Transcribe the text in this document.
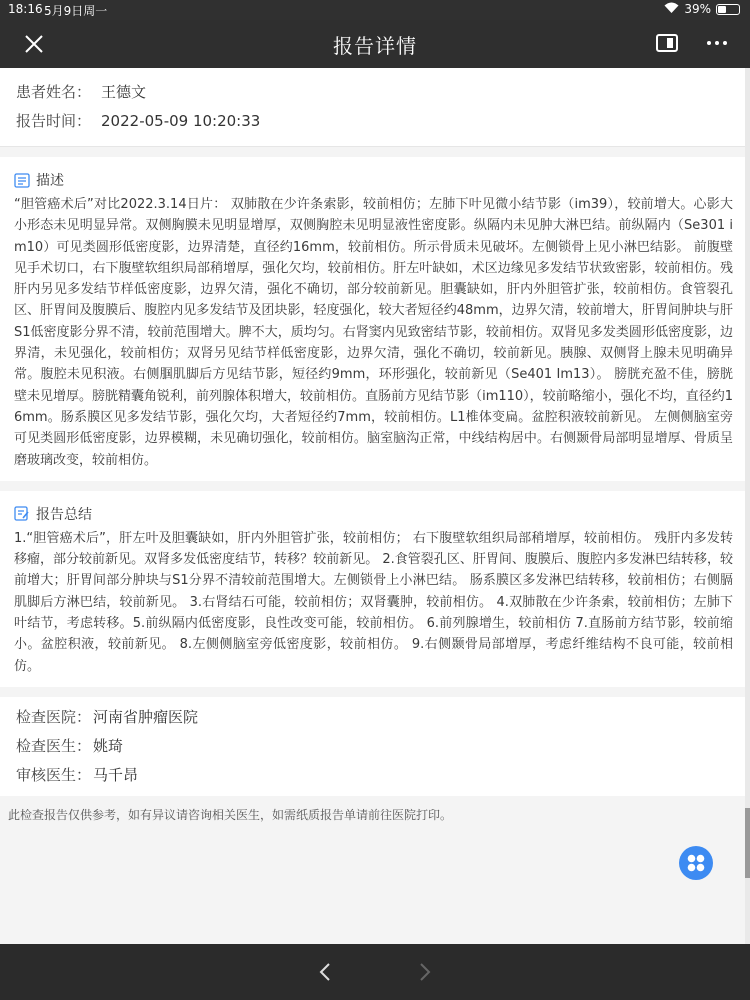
18:16 5月9日周一	39%
报告详情
患者姓名： 王德文
报告时间： 2022-05-09 10:20:33
描述
“胆管癌术后”对比2022.3.14日片： 双肺散在少许条索影，较前相仿；左肺下叶见微小结节影（im39），较前增大。心影大小形态未见明显异常。双侧胸膜未见明显增厚，双侧胸腔未见明显液性密度影。纵隔内未见肿大淋巴结。前纵隔内（Se301 im10）可见类圆形低密度影，边界清楚，直径约16mm，较前相仿。所示骨质未见破坏。左侧锁骨上见小淋巴结影。 前腹壁见手术切口，右下腹壁软组织局部稍增厚，强化欠均，较前相仿。肝左叶缺如，术区边缘见多发结节状致密影，较前相仿。残肝内另见多发结节样低密度影，边界欠清，强化不确切，部分较前新见。胆囊缺如，肝内外胆管扩张，较前相仿。食管裂孔区、肝胃间及腹膜后、腹腔内见多发结节及团块影，轻度强化，较大者短径约48mm，边界欠清，较前增大，肝胃间肿块与肝S1低密度影分界不清，较前范围增大。脾不大，质均匀。右肾窦内见致密结节影，较前相仿。双肾见多发类圆形低密度影，边界清，未见强化，较前相仿；双肾另见结节样低密度影，边界欠清，强化不确切，较前新见。胰腺、双侧肾上腺未见明确异常。腹腔未见积液。右侧腘肌脚后方见结节影，短径约9mm，环形强化，较前新见（Se401 Im13）。 膀胱充盈不佳，膀胱壁未见增厚。膀胱精囊角锐利，前列腺体积增大，较前相仿。直肠前方见结节影（im110），较前略缩小，强化不均，直径约16mm。肠系膜区见多发结节影，强化欠均，大者短径约7mm，较前相仿。L1椎体变扁。盆腔积液较前新见。 左侧侧脑室旁可见类圆形低密度影，边界模糊，未见确切强化，较前相仿。脑室脑沟正常，中线结构居中。右侧颞骨局部明显增厚、骨质呈磨玻璃改变，较前相仿。
报告总结
1.“胆管癌术后”，肝左叶及胆囊缺如，肝内外胆管扩张，较前相仿； 右下腹壁软组织局部稍增厚，较前相仿。 残肝内多发转移瘤，部分较前新见。双肾多发低密度结节，转移？较前新见。 2.食管裂孔区、肝胃间、腹膜后、腹腔内多发淋巴结转移，较前增大；肝胃间部分肿块与S1分界不清较前范围增大。左侧锁骨上小淋巴结。 肠系膜区多发淋巴结转移，较前相仿；右侧膈肌脚后方淋巴结，较前新见。 3.右肾结石可能，较前相仿；双肾囊肿，较前相仿。 4.双肺散在少许条索，较前相仿；左肺下叶结节，考虑转移。5.前纵隔内低密度影，良性改变可能，较前相仿。 6.前列腺增生，较前相仿 7.直肠前方结节影，较前缩小。盆腔积液，较前新见。 8.左侧侧脑室旁低密度影，较前相仿。 9.右侧颞骨局部增厚，考虑纤维结构不良可能，较前相仿。
检查医院： 河南省肿瘤医院
检查医生： 姚琦
审核医生： 马千昂
此检查报告仅供参考，如有异议请咨询相关医生，如需纸质报告单请前往医院打印。
